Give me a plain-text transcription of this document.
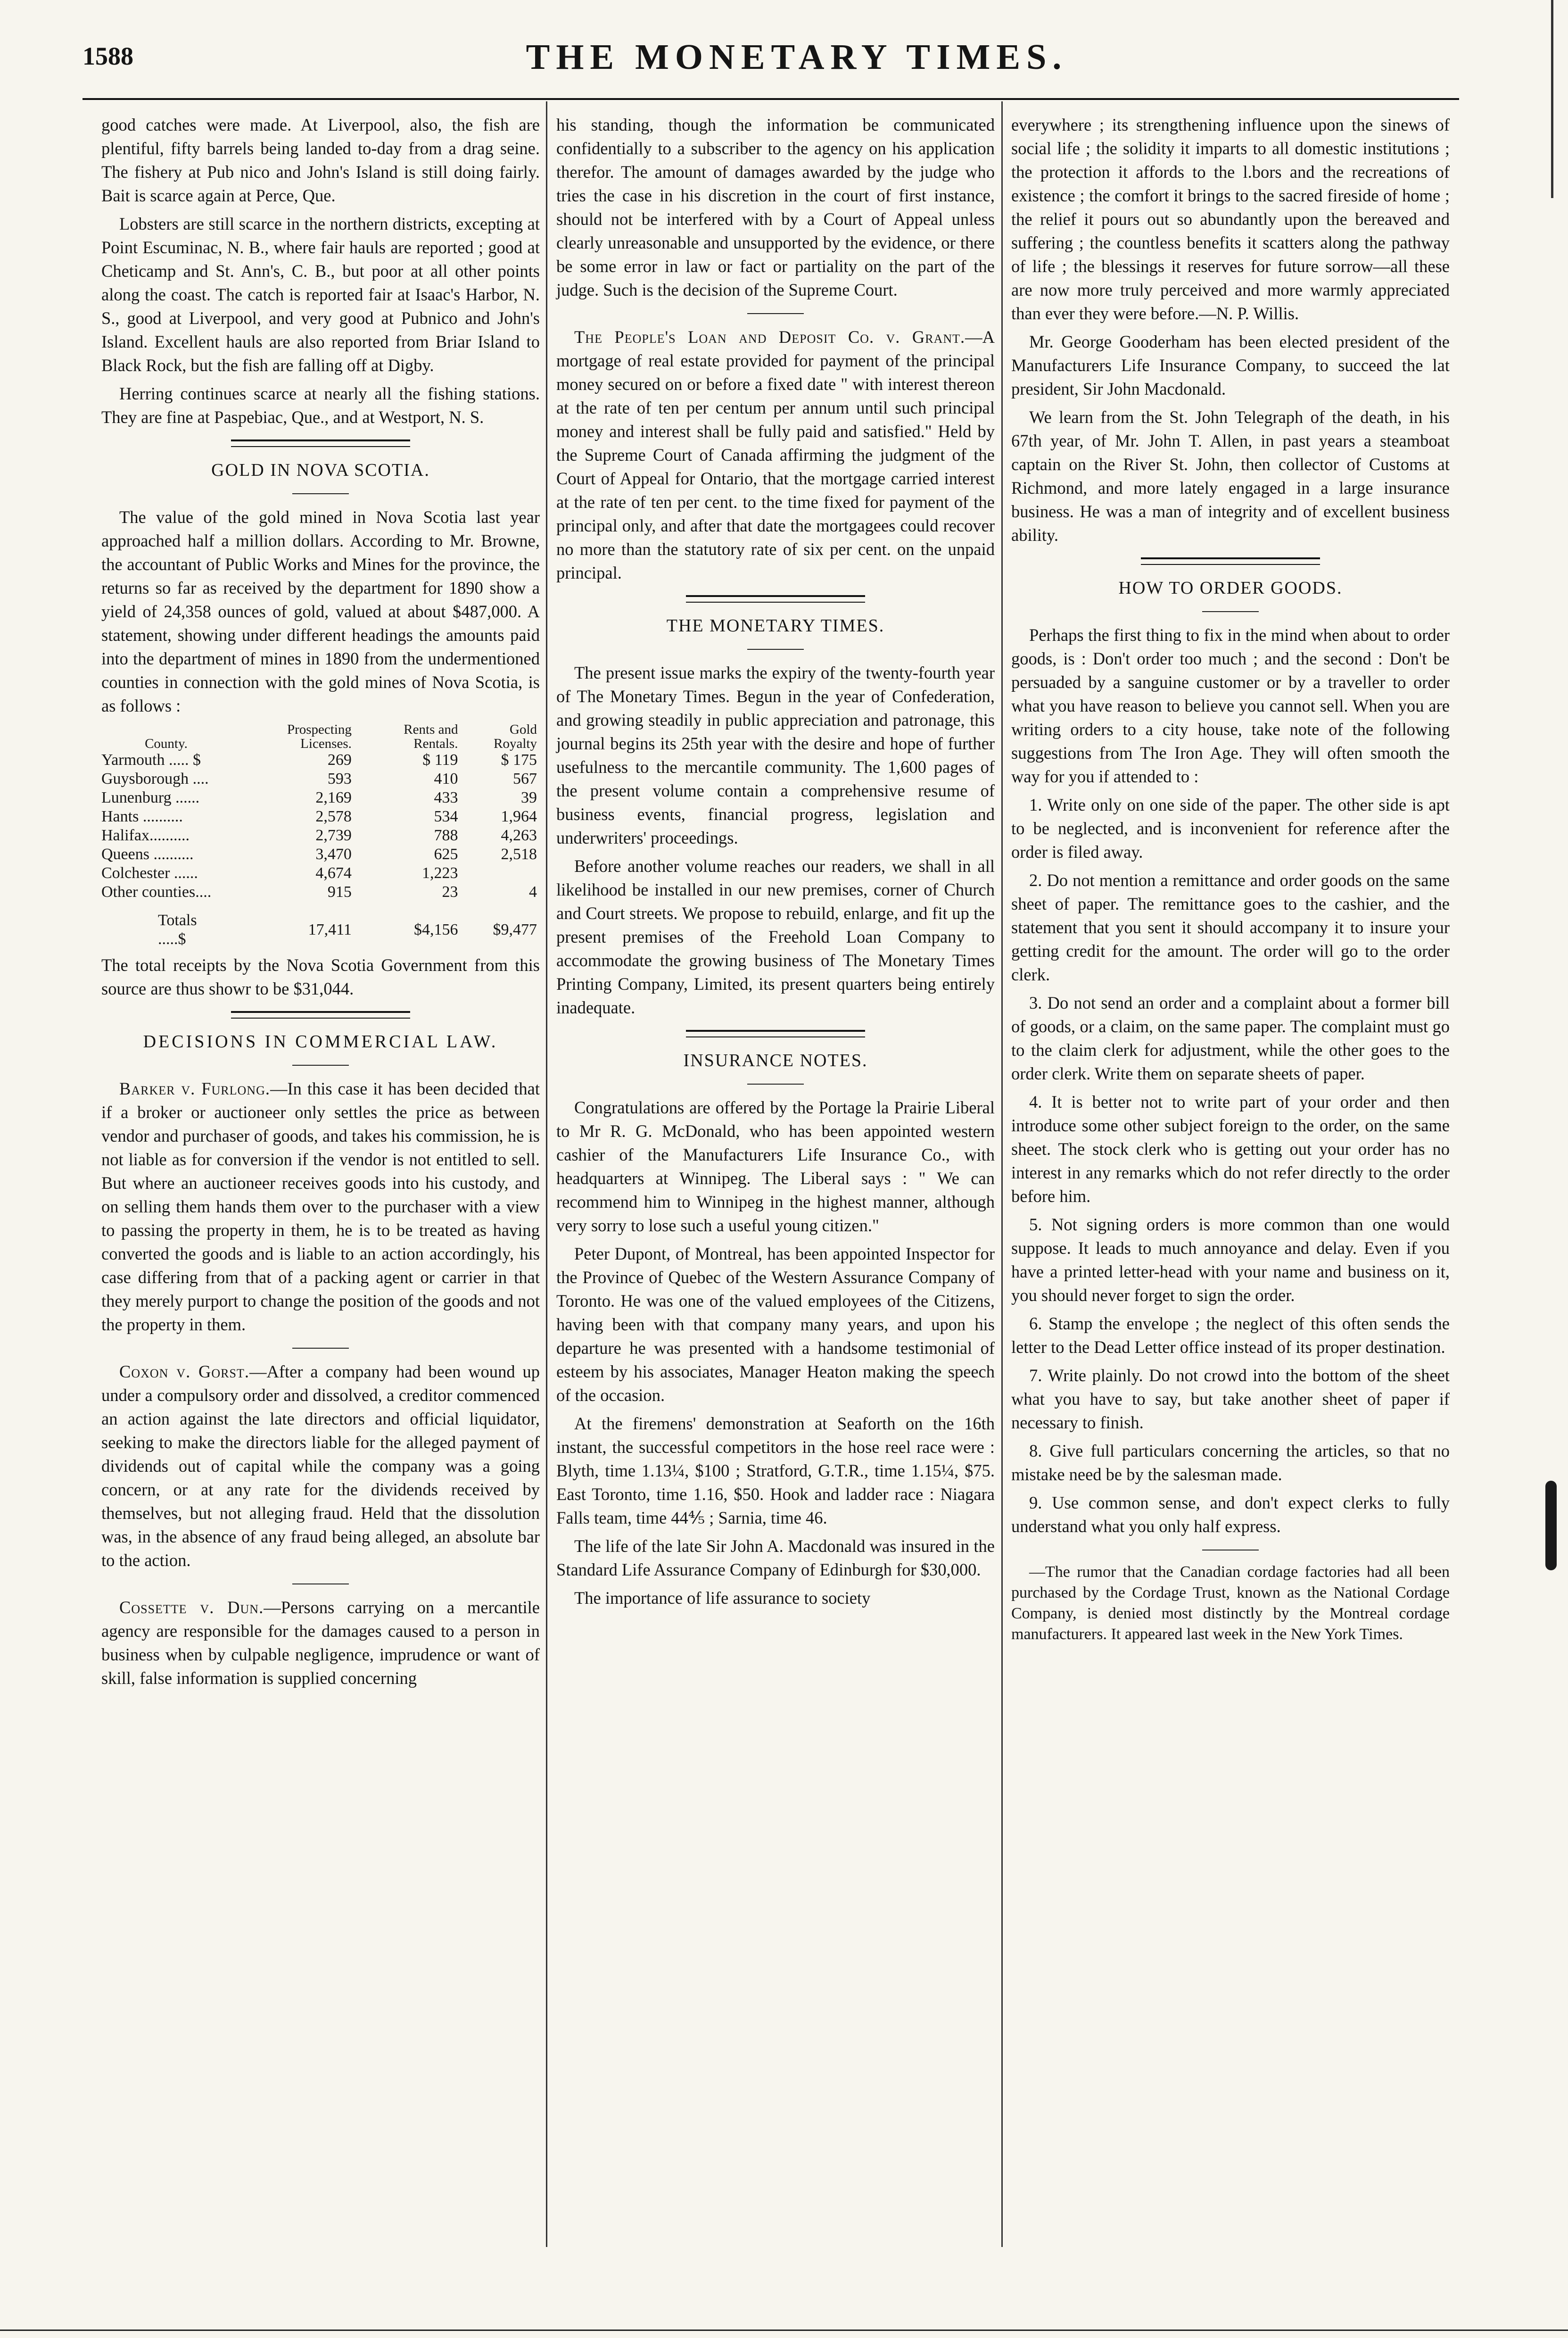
1588	THE MONETARY TIMES.

good catches were made. At Liverpool, also, the fish are plentiful, fifty barrels being landed to-day from a drag seine. The fishery at Pub nico and John's Island is still doing fairly. Bait is scarce again at Perce, Que.

Lobsters are still scarce in the northern districts, excepting at Point Escuminac, N. B., where fair hauls are reported ; good at Cheticamp and St. Ann's, C. B., but poor at all other points along the coast. The catch is reported fair at Isaac's Harbor, N. S., good at Liverpool, and very good at Pubnico and John's Island. Excellent hauls are also reported from Briar Island to Black Rock, but the fish are falling off at Digby.

Herring continues scarce at nearly all the fishing stations. They are fine at Paspebiac, Que., and at Westport, N. S.

GOLD IN NOVA SCOTIA.

The value of the gold mined in Nova Scotia last year approached half a million dollars. According to Mr. Browne, the accountant of Public Works and Mines for the province, the returns so far as received by the department for 1890 show a yield of 24,358 ounces of gold, valued at about $487,000. A statement, showing under different headings the amounts paid into the department of mines in 1890 from the undermentioned counties in connection with the gold mines of Nova Scotia, is as follows :

County.	Prospecting Licenses.	Rents and Rentals.	Gold Royalty
Yarmouth ..... $	269	$ 119	$ 175
Guysborough ....	593	410	567
Lunenburg ......	2,169	433	39
Hants ..........	2,578	534	1,964
Halifax..........	2,739	788	4,263
Queens ..........	3,470	625	2,518
Colchester ......	4,674	1,223	
Other counties....	915	23	4
Totals .....$	17,411	$4,156	$9,477

The total receipts by the Nova Scotia Government from this source are thus showr to be $31,044.

DECISIONS IN COMMERCIAL LAW.

Barker v. Furlong.—In this case it has been decided that if a broker or auctioneer only settles the price as between vendor and purchaser of goods, and takes his commission, he is not liable as for conversion if the vendor is not entitled to sell. But where an auctioneer receives goods into his custody, and on selling them hands them over to the purchaser with a view to passing the property in them, he is to be treated as having converted the goods and is liable to an action accordingly, his case differing from that of a packing agent or carrier in that they merely purport to change the position of the goods and not the property in them.

Coxon v. Gorst.—After a company had been wound up under a compulsory order and dissolved, a creditor commenced an action against the late directors and official liquidator, seeking to make the directors liable for the alleged payment of dividends out of capital while the company was a going concern, or at any rate for the dividends received by themselves, but not alleging fraud. Held that the dissolution was, in the absence of any fraud being alleged, an absolute bar to the action.

Cossette v. Dun.—Persons carrying on a mercantile agency are responsible for the damages caused to a person in business when by culpable negligence, imprudence or want of skill, false information is supplied concerning

his standing, though the information be communicated confidentially to a subscriber to the agency on his application therefor. The amount of damages awarded by the judge who tries the case in his discretion in the court of first instance, should not be interfered with by a Court of Appeal unless clearly unreasonable and unsupported by the evidence, or there be some error in law or fact or partiality on the part of the judge. Such is the decision of the Supreme Court.

The People's Loan and Deposit Co. v. Grant.—A mortgage of real estate provided for payment of the principal money secured on or before a fixed date " with interest thereon at the rate of ten per centum per annum until such principal money and interest shall be fully paid and satisfied." Held by the Supreme Court of Canada affirming the judgment of the Court of Appeal for Ontario, that the mortgage carried interest at the rate of ten per cent. to the time fixed for payment of the principal only, and after that date the mortgagees could recover no more than the statutory rate of six per cent. on the unpaid principal.

THE MONETARY TIMES.

The present issue marks the expiry of the twenty-fourth year of The Monetary Times. Begun in the year of Confederation, and growing steadily in public appreciation and patronage, this journal begins its 25th year with the desire and hope of further usefulness to the mercantile community. The 1,600 pages of the present volume contain a comprehensive resume of business events, financial progress, legislation and underwriters' proceedings.

Before another volume reaches our readers, we shall in all likelihood be installed in our new premises, corner of Church and Court streets. We propose to rebuild, enlarge, and fit up the present premises of the Freehold Loan Company to accommodate the growing business of The Monetary Times Printing Company, Limited, its present quarters being entirely inadequate.

INSURANCE NOTES.

Congratulations are offered by the Portage la Prairie Liberal to Mr R. G. McDonald, who has been appointed western cashier of the Manufacturers Life Insurance Co., with headquarters at Winnipeg. The Liberal says : " We can recommend him to Winnipeg in the highest manner, although very sorry to lose such a useful young citizen."

Peter Dupont, of Montreal, has been appointed Inspector for the Province of Quebec of the Western Assurance Company of Toronto. He was one of the valued employees of the Citizens, having been with that company many years, and upon his departure he was presented with a handsome testimonial of esteem by his associates, Manager Heaton making the speech of the occasion.

At the firemens' demonstration at Seaforth on the 16th instant, the successful competitors in the hose reel race were : Blyth, time 1.13¼, $100 ; Stratford, G.T.R., time 1.15¼, $75. East Toronto, time 1.16, $50. Hook and ladder race : Niagara Falls team, time 44⅘ ; Sarnia, time 46.

The life of the late Sir John A. Macdonald was insured in the Standard Life Assurance Company of Edinburgh for $30,000.

The importance of life assurance to society

everywhere ; its strengthening influence upon the sinews of social life ; the solidity it imparts to all domestic institutions ; the protection it affords to the l.bors and the recreations of existence ; the comfort it brings to the sacred fireside of home ; the relief it pours out so abundantly upon the bereaved and suffering ; the countless benefits it scatters along the pathway of life ; the blessings it reserves for future sorrow—all these are now more truly perceived and more warmly appreciated than ever they were before.—N. P. Willis.

Mr. George Gooderham has been elected president of the Manufacturers Life Insurance Company, to succeed the lat president, Sir John Macdonald.

We learn from the St. John Telegraph of the death, in his 67th year, of Mr. John T. Allen, in past years a steamboat captain on the River St. John, then collector of Customs at Richmond, and more lately engaged in a large insurance business. He was a man of integrity and of excellent business ability.

HOW TO ORDER GOODS.

Perhaps the first thing to fix in the mind when about to order goods, is : Don't order too much ; and the second : Don't be persuaded by a sanguine customer or by a traveller to order what you have reason to believe you cannot sell. When you are writing orders to a city house, take note of the following suggestions from The Iron Age. They will often smooth the way for you if attended to :

1. Write only on one side of the paper. The other side is apt to be neglected, and is inconvenient for reference after the order is filed away.

2. Do not mention a remittance and order goods on the same sheet of paper. The remittance goes to the cashier, and the statement that you sent it should accompany it to insure your getting credit for the amount. The order will go to the order clerk.

3. Do not send an order and a complaint about a former bill of goods, or a claim, on the same paper. The complaint must go to the claim clerk for adjustment, while the other goes to the order clerk. Write them on separate sheets of paper.

4. It is better not to write part of your order and then introduce some other subject foreign to the order, on the same sheet. The stock clerk who is getting out your order has no interest in any remarks which do not refer directly to the order before him.

5. Not signing orders is more common than one would suppose. It leads to much annoyance and delay. Even if you have a printed letter-head with your name and business on it, you should never forget to sign the order.

6. Stamp the envelope ; the neglect of this often sends the letter to the Dead Letter office instead of its proper destination.

7. Write plainly. Do not crowd into the bottom of the sheet what you have to say, but take another sheet of paper if necessary to finish.

8. Give full particulars concerning the articles, so that no mistake need be by the salesman made.

9. Use common sense, and don't expect clerks to fully understand what you only half express.

—The rumor that the Canadian cordage factories had all been purchased by the Cordage Trust, known as the National Cordage Company, is denied most distinctly by the Montreal cordage manufacturers. It appeared last week in the New York Times.
